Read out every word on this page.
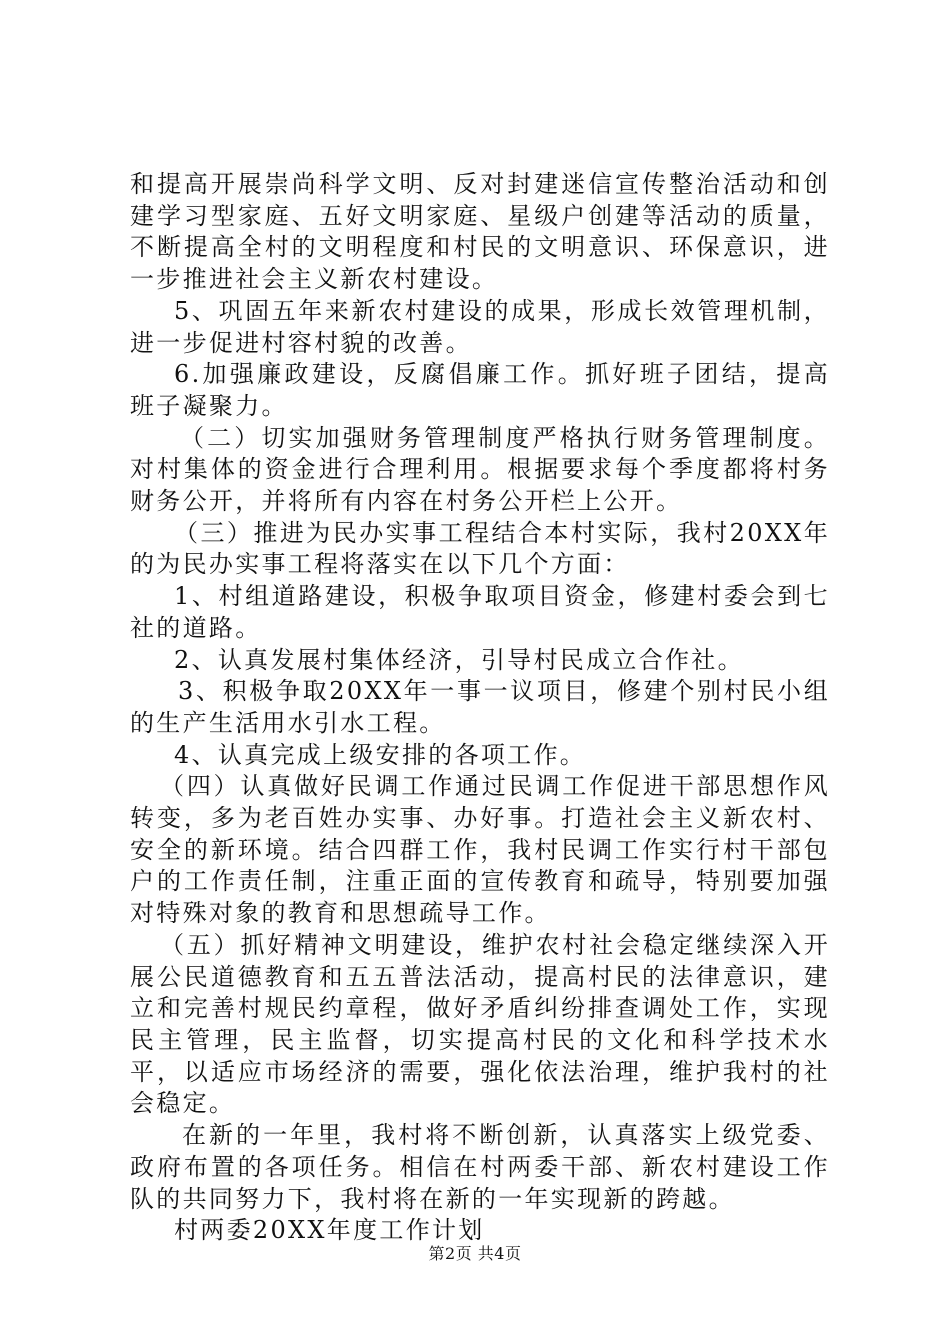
和提高开展崇尚科学文明、反对封建迷信宣传整治活动和创建学习型家庭、五好文明家庭、星级户创建等活动的质量，不断提高全村的文明程度和村民的文明意识、环保意识，进一步推进社会主义新农村建设。

5、巩固五年来新农村建设的成果，形成长效管理机制，进一步促进村容村貌的改善。

6.加强廉政建设，反腐倡廉工作。抓好班子团结，提高班子凝聚力。

（二）切实加强财务管理制度严格执行财务管理制度。对村集体的资金进行合理利用。根据要求每个季度都将村务财务公开，并将所有内容在村务公开栏上公开。

（三）推进为民办实事工程结合本村实际，我村20XX年的为民办实事工程将落实在以下几个方面：

1、村组道路建设，积极争取项目资金，修建村委会到七社的道路。

2、认真发展村集体经济，引导村民成立合作社。

3、积极争取20XX年一事一议项目，修建个别村民小组的生产生活用水引水工程。

4、认真完成上级安排的各项工作。

（四）认真做好民调工作通过民调工作促进干部思想作风转变，多为老百姓办实事、办好事。打造社会主义新农村、安全的新环境。结合四群工作，我村民调工作实行村干部包户的工作责任制，注重正面的宣传教育和疏导，特别要加强对特殊对象的教育和思想疏导工作。

（五）抓好精神文明建设，维护农村社会稳定继续深入开展公民道德教育和五五普法活动，提高村民的法律意识，建立和完善村规民约章程，做好矛盾纠纷排查调处工作，实现民主管理，民主监督，切实提高村民的文化和科学技术水平，以适应市场经济的需要，强化依法治理，维护我村的社会稳定。

在新的一年里，我村将不断创新，认真落实上级党委、政府布置的各项任务。相信在村两委干部、新农村建设工作队的共同努力下，我村将在新的一年实现新的跨越。

村两委20XX年度工作计划

第2页 共4页
